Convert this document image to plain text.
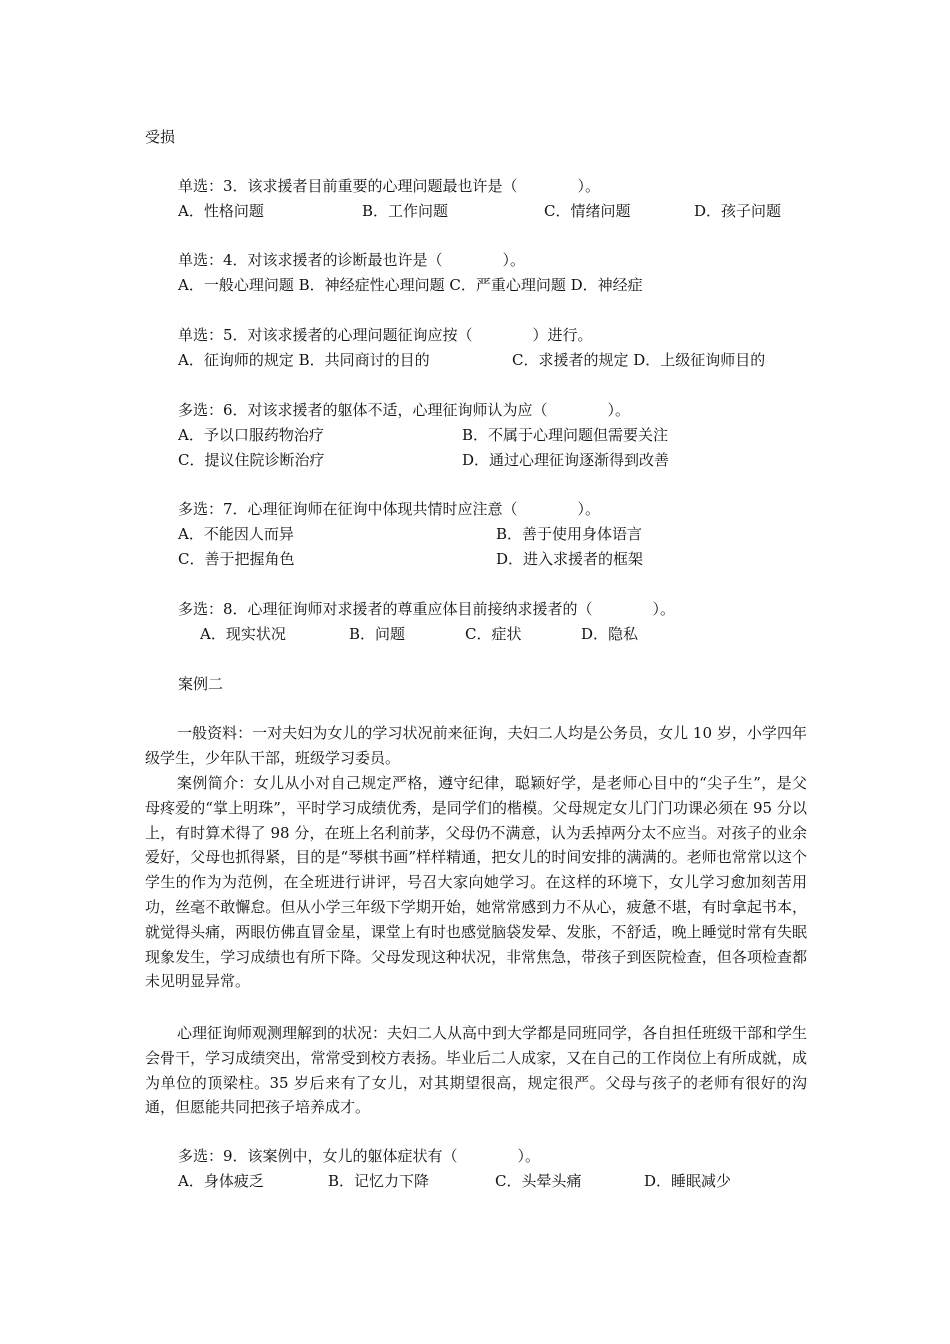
受损
单选：3．该求援者目前重要的心理问题最也许是（　　　　）。
A．性格问题	B．工作问题	C．情绪问题	D．孩子问题
单选：4．对该求援者的诊断最也许是（　　　　）。
A．一般心理问题 B．神经症性心理问题 C．严重心理问题 D．神经症
单选：5．对该求援者的心理问题征询应按（　　　　）进行。
A．征询师的规定 B．共同商讨的目的	C．求援者的规定 D．上级征询师目的
多选：6．对该求援者的躯体不适，心理征询师认为应（　　　　）。
A．予以口服药物治疗	B．不属于心理问题但需要关注
C．提议住院诊断治疗	D．通过心理征询逐渐得到改善
多选：7．心理征询师在征询中体现共情时应注意（　　　　）。
A．不能因人而异	B．善于使用身体语言
C．善于把握角色	D．进入求援者的框架
多选：8．心理征询师对求援者的尊重应体目前接纳求援者的（　　　　）。
A．现实状况	B．问题	C．症状	D．隐私
案例二
一般资料：一对夫妇为女儿的学习状况前来征询，夫妇二人均是公务员，女儿 10 岁，小学四年级学生，少年队干部，班级学习委员。
案例简介：女儿从小对自己规定严格，遵守纪律，聪颖好学，是老师心目中的“尖子生”，是父母疼爱的“掌上明珠”，平时学习成绩优秀，是同学们的楷模。父母规定女儿门门功课必须在 95 分以上，有时算术得了 98 分，在班上名利前茅，父母仍不满意，认为丢掉两分太不应当。对孩子的业余爱好，父母也抓得紧，目的是“琴棋书画”样样精通，把女儿的时间安排的满满的。老师也常常以这个学生的作为为范例，在全班进行讲评，号召大家向她学习。在这样的环境下，女儿学习愈加刻苦用功，丝毫不敢懈怠。但从小学三年级下学期开始，她常常感到力不从心，疲惫不堪，有时拿起书本，就觉得头痛，两眼仿佛直冒金星，课堂上有时也感觉脑袋发晕、发胀，不舒适，晚上睡觉时常有失眠现象发生，学习成绩也有所下降。父母发现这种状况，非常焦急，带孩子到医院检查，但各项检查都未见明显异常。
心理征询师观测理解到的状况：夫妇二人从高中到大学都是同班同学，各自担任班级干部和学生会骨干，学习成绩突出，常常受到校方表扬。毕业后二人成家，又在自己的工作岗位上有所成就，成为单位的顶梁柱。35 岁后来有了女儿，对其期望很高，规定很严。父母与孩子的老师有很好的沟通，但愿能共同把孩子培养成才。
多选：9．该案例中，女儿的躯体症状有（　　　　）。
A．身体疲乏	B．记忆力下降	C．头晕头痛	D．睡眠减少
